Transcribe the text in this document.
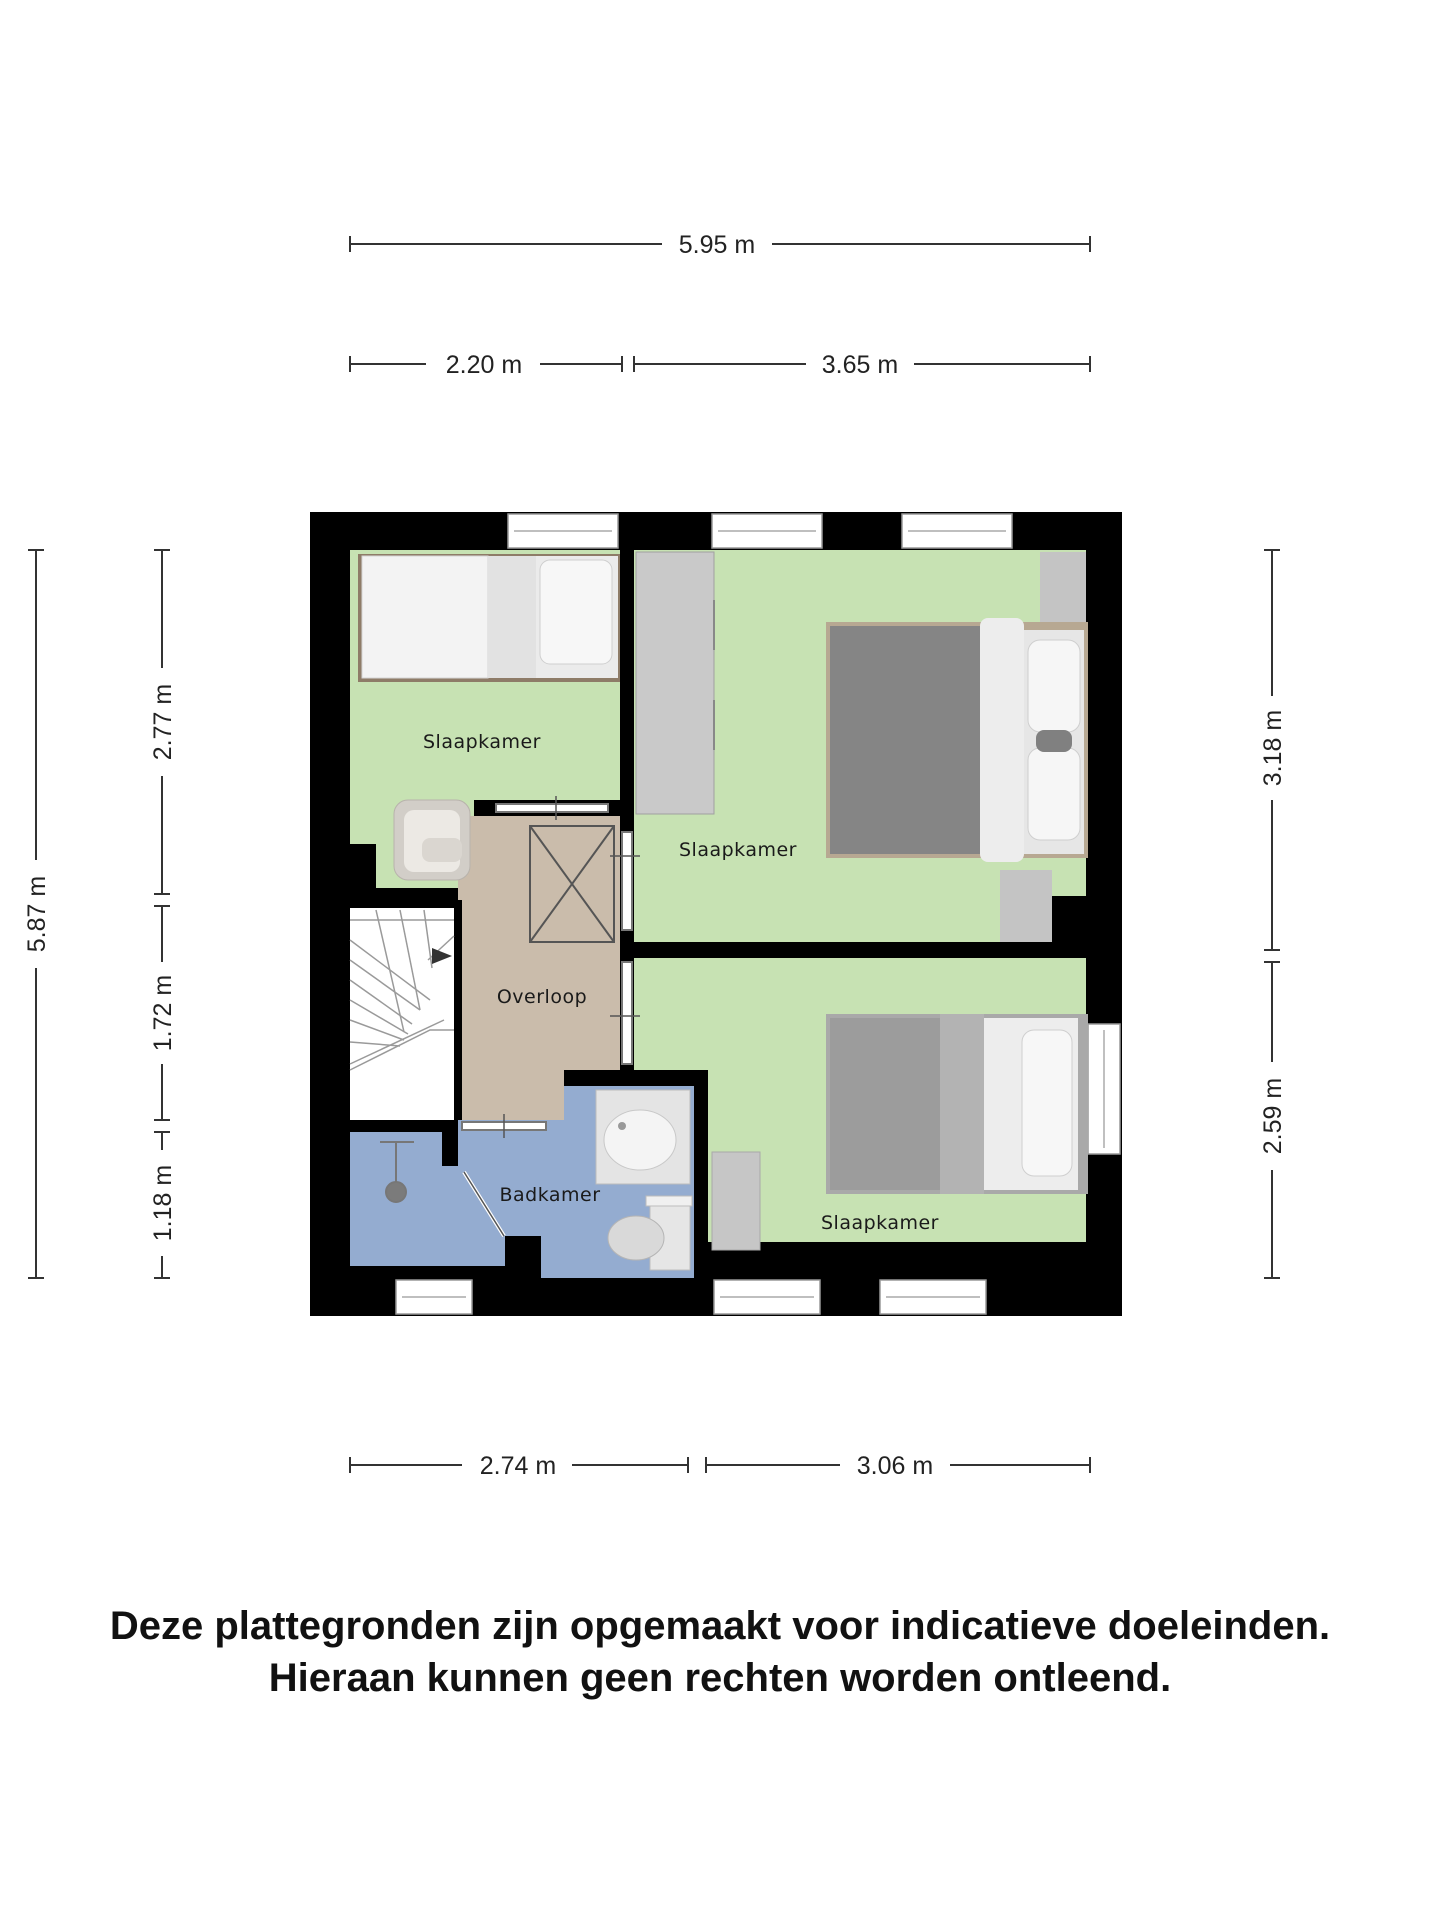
5.95 m
2.20 m	3.65 m
2.74 m	3.06 m
5.87 m
2.77 m
1.72 m
1.18 m
3.18 m
2.59 m
Slaapkamer
Slaapkamer
Overloop
Badkamer
Slaapkamer
Deze plattegronden zijn opgemaakt voor indicatieve doeleinden.
Hieraan kunnen geen rechten worden ontleend.
